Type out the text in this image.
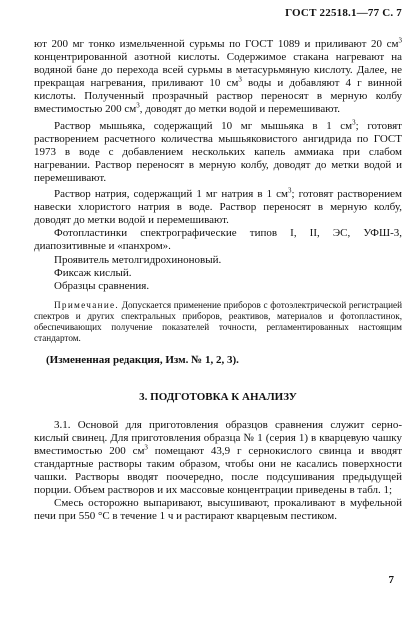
ГОСТ 22518.1—77 С. 7

ют 200 мг тонко измельченной сурьмы по ГОСТ 1089 и приливают 20 $см^3$ концентрированной азотной кислоты. Содержимое стакана нагревают на водяной бане до перехода всей сурьмы в метасурьмяную кислоту. Далее, не прекращая нагревания, приливают 10 $см^3$ воды и добавляют 4 г винной кислоты. Полученный прозрачный раствор переносят в мерную колбу вместимостью 200 $см^3$, доводят до метки водой и перемешивают.

Раствор мышьяка, содержащий 10 мг мышьяка в 1 $см^3$; готовят растворением расчетного количества мышьяковистого ангидрида по ГОСТ 1973 в воде с добавлением нескольких капель аммиака при слабом нагревании. Раствор переносят в мерную колбу, доводят до метки водой и перемешивают.

Раствор натрия, содержащий 1 мг натрия в 1 $см^3$; готовят растворением навески хлористого натрия в воде. Раствор переносят в мерную колбу, доводят до метки водой и перемешивают.

Фотопластинки спектрографические типов I, II, ЭС, УФШ-3, диапозитивные и «панхром».

Проявитель метолгидрохиноновый.

Фиксаж кислый.

Образцы сравнения.

Примечание. Допускается применение приборов с фотоэлектрической регистрацией спектров и других спектральных приборов, реактивов, материалов и фотопластинок, обеспечивающих получение показателей точности, регламентированных настоящим стандартом.

(Измененная редакция, Изм. № 1, 2, 3).

3. ПОДГОТОВКА К АНАЛИЗУ

3.1. Основой для приготовления образцов сравнения служит сернокислый свинец. Для приготовления образца № 1 (серия 1) в кварцевую чашку вместимостью 200 $см^3$ помещают 43,9 г сернокислого свинца и вводят стандартные растворы таким образом, чтобы они не касались поверхности чашки. Растворы вводят поочередно, после подсушивания предыдущей порции. Объем растворов и их массовые концентрации приведены в табл. 1;

Смесь осторожно выпаривают, высушивают, прокаливают в муфельной печи при 550 °С в течение 1 ч и растирают кварцевым пестиком.

7
